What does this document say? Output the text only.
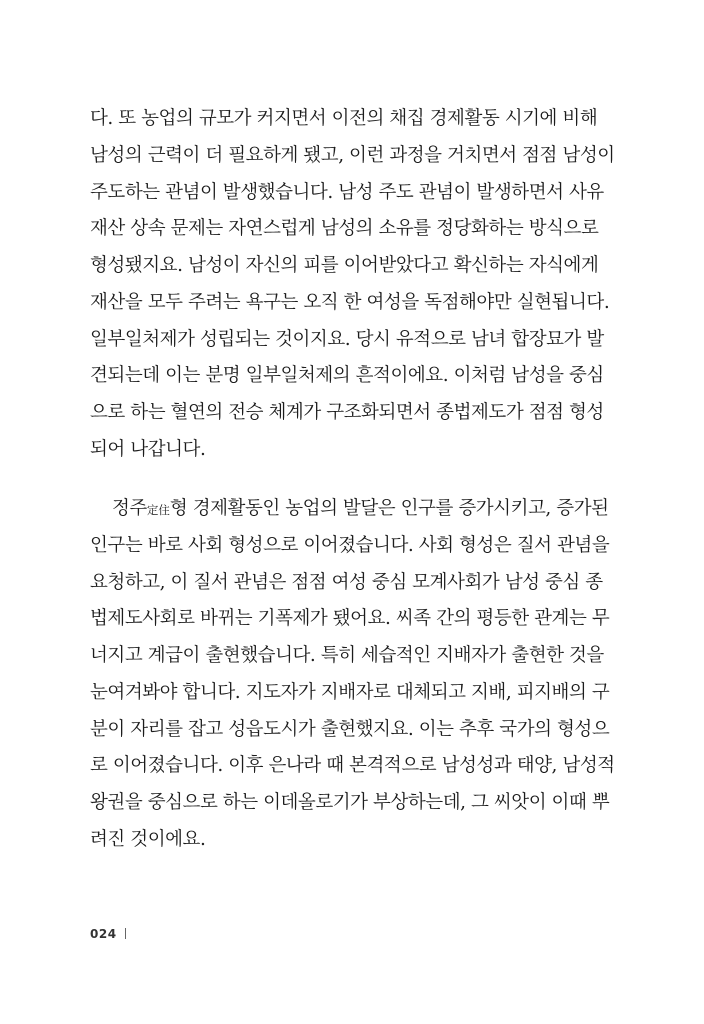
다. 또 농업의 규모가 커지면서 이전의 채집 경제활동 시기에 비해
남성의 근력이 더 필요하게 됐고, 이런 과정을 거치면서 점점 남성이
주도하는 관념이 발생했습니다. 남성 주도 관념이 발생하면서 사유
재산 상속 문제는 자연스럽게 남성의 소유를 정당화하는 방식으로
형성됐지요. 남성이 자신의 피를 이어받았다고 확신하는 자식에게
재산을 모두 주려는 욕구는 오직 한 여성을 독점해야만 실현됩니다.
일부일처제가 성립되는 것이지요. 당시 유적으로 남녀 합장묘가 발
견되는데 이는 분명 일부일처제의 흔적이에요. 이처럼 남성을 중심
으로 하는 혈연의 전승 체계가 구조화되면서 종법제도가 점점 형성
되어 나갑니다.
정주定住형 경제활동인 농업의 발달은 인구를 증가시키고, 증가된
인구는 바로 사회 형성으로 이어졌습니다. 사회 형성은 질서 관념을
요청하고, 이 질서 관념은 점점 여성 중심 모계사회가 남성 중심 종
법제도사회로 바뀌는 기폭제가 됐어요. 씨족 간의 평등한 관계는 무
너지고 계급이 출현했습니다. 특히 세습적인 지배자가 출현한 것을
눈여겨봐야 합니다. 지도자가 지배자로 대체되고 지배, 피지배의 구
분이 자리를 잡고 성읍도시가 출현했지요. 이는 추후 국가의 형성으
로 이어졌습니다. 이후 은나라 때 본격적으로 남성성과 태양, 남성적
왕권을 중심으로 하는 이데올로기가 부상하는데, 그 씨앗이 이때 뿌
려진 것이에요.
024
